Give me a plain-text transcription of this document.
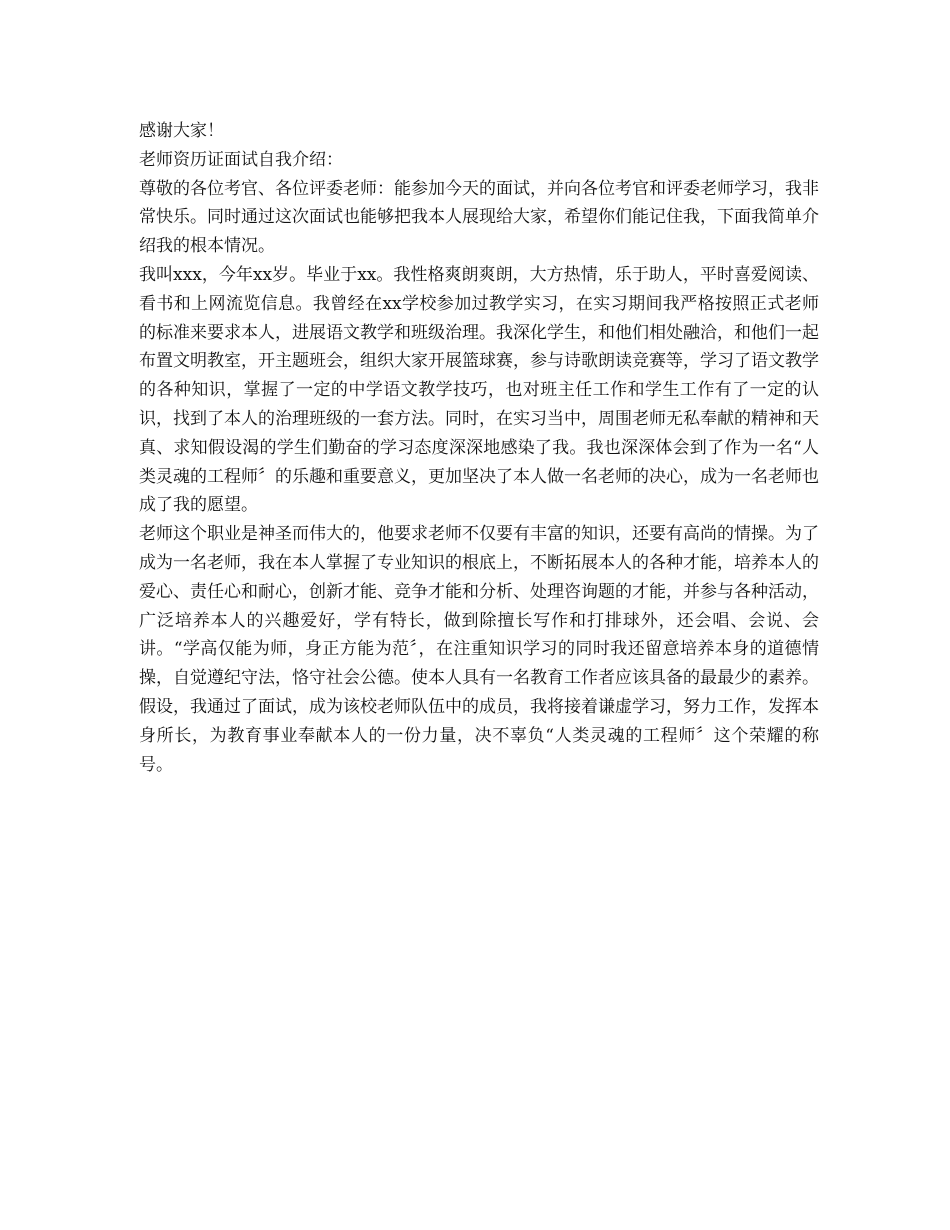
感谢大家！

老师资历证面试自我介绍：

尊敬的各位考官、各位评委老师：能参加今天的面试，并向各位考官和评委老师学习，我非常快乐。同时通过这次面试也能够把我本人展现给大家，希望你们能记住我，下面我简单介绍我的根本情况。

我叫xxx，今年xx岁。毕业于xx。我性格爽朗爽朗，大方热情，乐于助人，平时喜爱阅读、看书和上网流览信息。我曾经在xx学校参加过教学实习，在实习期间我严格按照正式老师的标准来要求本人，进展语文教学和班级治理。我深化学生，和他们相处融洽，和他们一起布置文明教室，开主题班会，组织大家开展篮球赛，参与诗歌朗读竞赛等，学习了语文教学的各种知识，掌握了一定的中学语文教学技巧，也对班主任工作和学生工作有了一定的认识，找到了本人的治理班级的一套方法。同时，在实习当中，周围老师无私奉献的精神和天真、求知假设渴的学生们勤奋的学习态度深深地感染了我。我也深深体会到了作为一名“人类灵魂的工程师〞的乐趣和重要意义，更加坚决了本人做一名老师的决心，成为一名老师也成了我的愿望。

老师这个职业是神圣而伟大的，他要求老师不仅要有丰富的知识，还要有高尚的情操。为了成为一名老师，我在本人掌握了专业知识的根底上，不断拓展本人的各种才能，培养本人的爱心、责任心和耐心，创新才能、竞争才能和分析、处理咨询题的才能，并参与各种活动，广泛培养本人的兴趣爱好，学有特长，做到除擅长写作和打排球外，还会唱、会说、会讲。“学高仅能为师，身正方能为范〞，在注重知识学习的同时我还留意培养本身的道德情操，自觉遵纪守法，恪守社会公德。使本人具有一名教育工作者应该具备的最最少的素养。

假设，我通过了面试，成为该校老师队伍中的成员，我将接着谦虚学习，努力工作，发挥本身所长，为教育事业奉献本人的一份力量，决不辜负“人类灵魂的工程师〞这个荣耀的称号。
